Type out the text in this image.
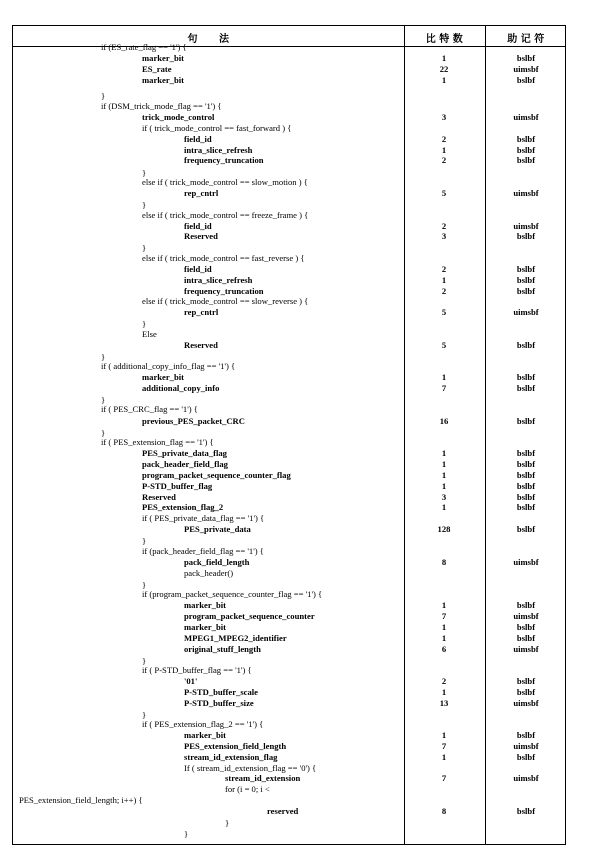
句　　法	比 特 数	助 记 符
if (ES_rate_flag == '1') {
marker_bit	1	bslbf
ES_rate	22	uimsbf
marker_bit	1	bslbf
}
if (DSM_trick_mode_flag == '1') {
trick_mode_control	3	uimsbf
if ( trick_mode_control == fast_forward ) {
field_id	2	bslbf
intra_slice_refresh	1	bslbf
frequency_truncation	2	bslbf
}
else if ( trick_mode_control == slow_motion ) {
rep_cntrl	5	uimsbf
}
else if ( trick_mode_control == freeze_frame ) {
field_id	2	uimsbf
Reserved	3	bslbf
}
else if ( trick_mode_control == fast_reverse ) {
field_id	2	bslbf
intra_slice_refresh	1	bslbf
frequency_truncation	2	bslbf
else if ( trick_mode_control == slow_reverse ) {
rep_cntrl	5	uimsbf
}
Else
Reserved	5	bslbf
}
if ( additional_copy_info_flag == '1') {
marker_bit	1	bslbf
additional_copy_info	7	bslbf
}
if ( PES_CRC_flag == '1') {
previous_PES_packet_CRC	16	bslbf
}
if ( PES_extension_flag == '1') {
PES_private_data_flag	1	bslbf
pack_header_field_flag	1	bslbf
program_packet_sequence_counter_flag	1	bslbf
P-STD_buffer_flag	1	bslbf
Reserved	3	bslbf
PES_extension_flag_2	1	bslbf
if ( PES_private_data_flag == '1') {
PES_private_data	128	bslbf
}
if (pack_header_field_flag == '1') {
pack_field_length	8	uimsbf
pack_header()
}
if (program_packet_sequence_counter_flag == '1') {
marker_bit	1	bslbf
program_packet_sequence_counter	7	uimsbf
marker_bit	1	bslbf
MPEG1_MPEG2_identifier	1	bslbf
original_stuff_length	6	uimsbf
}
if ( P-STD_buffer_flag == '1') {
'01'	2	bslbf
P-STD_buffer_scale	1	bslbf
P-STD_buffer_size	13	uimsbf
}
if ( PES_extension_flag_2 == '1') {
marker_bit	1	bslbf
PES_extension_field_length	7	uimsbf
stream_id_extension_flag	1	bslbf
If ( stream_id_extension_flag == '0') {
stream_id_extension	7	uimsbf
for (i = 0; i <
PES_extension_field_length; i++) {
reserved	8	bslbf
}
}
